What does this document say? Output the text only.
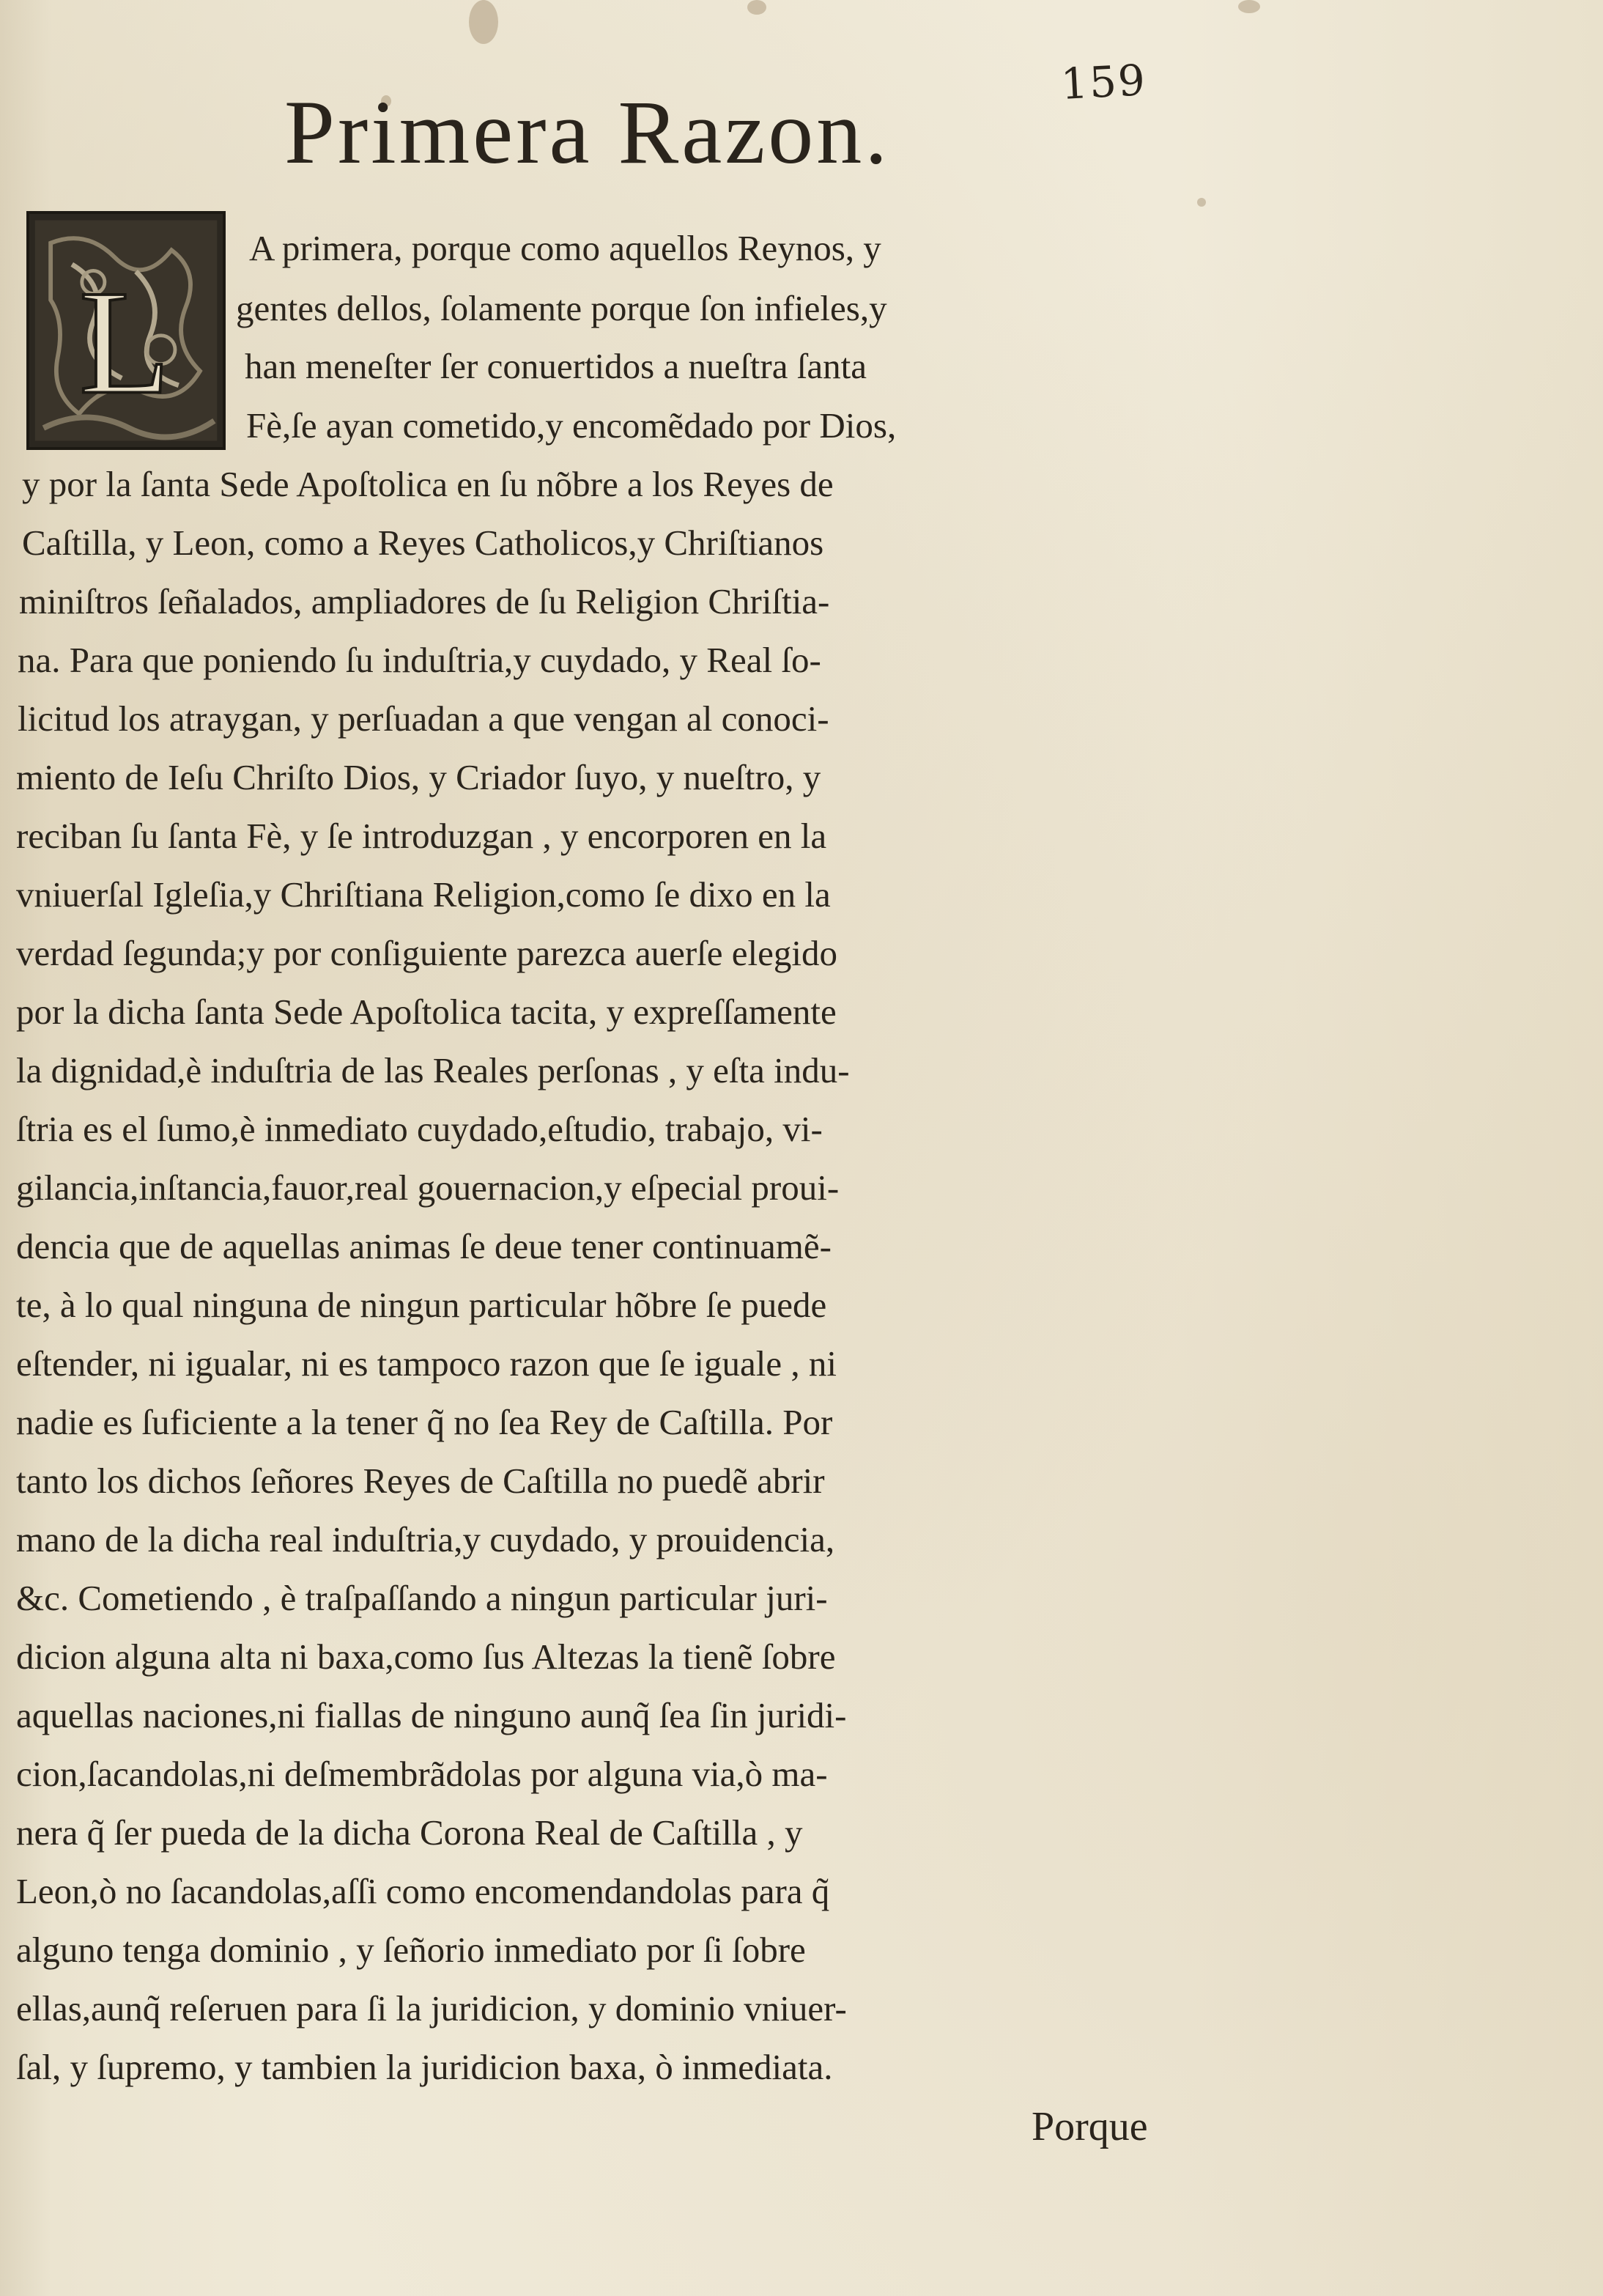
159
Primera Razon.
L
A primera, porque como aquellos Reynos, y
gentes dellos, ſolamente porque ſon infieles,y
han meneſter ſer conuertidos a nueſtra ſanta
Fè,ſe ayan cometido,y encomẽdado por Dios,
y por la ſanta Sede Apoſtolica en ſu nõbre a los Reyes de
Caſtilla, y Leon, como a Reyes Catholicos,y Chriſtianos
miniſtros ſeñalados, ampliadores de ſu Religion Chriſtia-
na. Para que poniendo ſu induſtria,y cuydado, y Real ſo-
licitud los atraygan, y perſuadan a que vengan al conoci-
miento de Ieſu Chriſto Dios, y Criador ſuyo, y nueſtro, y
reciban ſu ſanta Fè, y ſe introduzgan , y encorporen en la
vniuerſal Igleſia,y Chriſtiana Religion,como ſe dixo en la
verdad ſegunda;y por conſiguiente parezca auerſe elegido
por la dicha ſanta Sede Apoſtolica tacita, y expreſſamente
la dignidad,è induſtria de las Reales perſonas , y eſta indu-
ſtria es el ſumo,è inmediato cuydado,eſtudio, trabajo, vi-
gilancia,inſtancia,fauor,real gouernacion,y eſpecial proui-
dencia que de aquellas animas ſe deue tener continuamẽ-
te, à lo qual ninguna de ningun particular hõbre ſe puede
eſtender, ni igualar, ni es tampoco razon que ſe iguale , ni
nadie es ſuficiente a la tener q̃ no ſea Rey de Caſtilla. Por
tanto los dichos ſeñores Reyes de Caſtilla no puedẽ abrir
mano de la dicha real induſtria,y cuydado, y prouidencia,
&c. Cometiendo , è traſpaſſando a ningun particular juri-
dicion alguna alta ni baxa,como ſus Altezas la tienẽ ſobre
aquellas naciones,ni fiallas de ninguno aunq̃ ſea ſin juridi-
cion,ſacandolas,ni deſmembrãdolas por alguna via,ò ma-
nera q̃ ſer pueda de la dicha Corona Real de Caſtilla , y
Leon,ò no ſacandolas,aſſi como encomendandolas para q̃
alguno tenga dominio , y ſeñorio inmediato por ſi ſobre
ellas,aunq̃ reſeruen para ſi la juridicion, y dominio vniuer-
ſal, y ſupremo, y tambien la juridicion baxa, ò inmediata.
Porque
